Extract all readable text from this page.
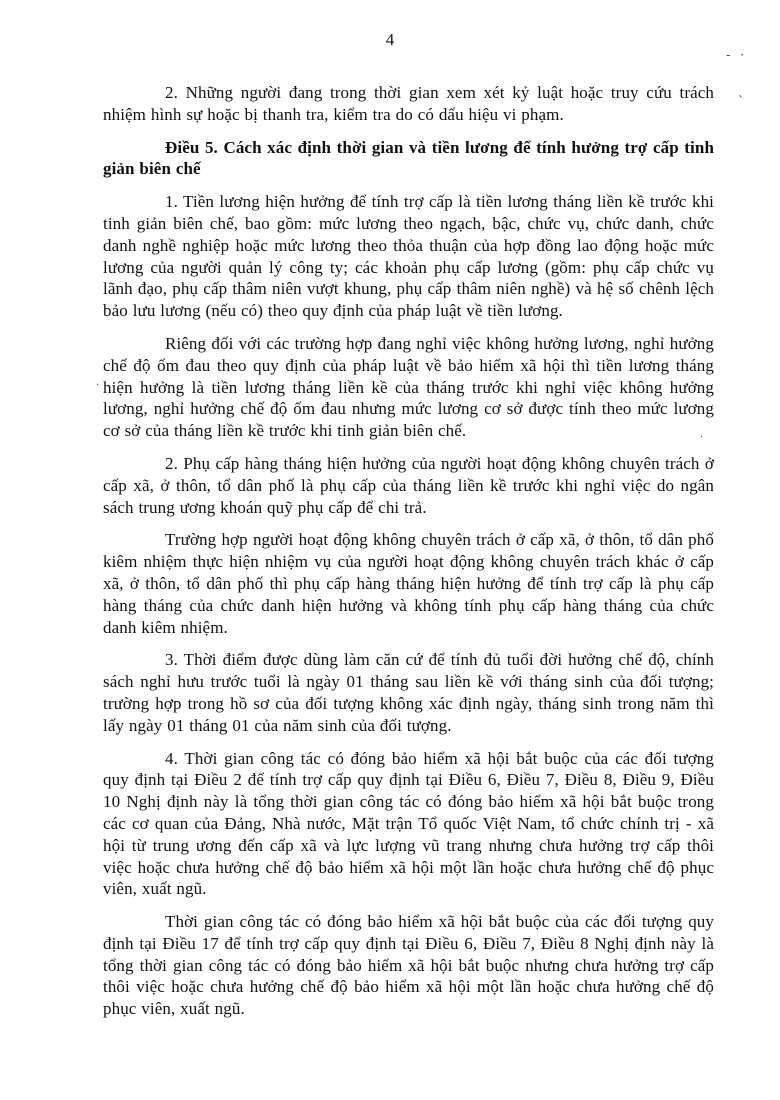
4
- ·
`
·
·

2. Những người đang trong thời gian xem xét kỷ luật hoặc truy cứu trách nhiệm hình sự hoặc bị thanh tra, kiểm tra do có dấu hiệu vi phạm.

Điều 5. Cách xác định thời gian và tiền lương để tính hưởng trợ cấp tinh giản biên chế

1. Tiền lương hiện hưởng để tính trợ cấp là tiền lương tháng liền kề trước khi tinh giản biên chế, bao gồm: mức lương theo ngạch, bậc, chức vụ, chức danh, chức danh nghề nghiệp hoặc mức lương theo thỏa thuận của hợp đồng lao động hoặc mức lương của người quản lý công ty; các khoản phụ cấp lương (gồm: phụ cấp chức vụ lãnh đạo, phụ cấp thâm niên vượt khung, phụ cấp thâm niên nghề) và hệ số chênh lệch bảo lưu lương (nếu có) theo quy định của pháp luật về tiền lương.

Riêng đối với các trường hợp đang nghỉ việc không hưởng lương, nghỉ hưởng chế độ ốm đau theo quy định của pháp luật về bảo hiểm xã hội thì tiền lương tháng hiện hưởng là tiền lương tháng liền kề của tháng trước khi nghỉ việc không hưởng lương, nghỉ hưởng chế độ ốm đau nhưng mức lương cơ sở được tính theo mức lương cơ sở của tháng liền kề trước khi tinh giản biên chế.

2. Phụ cấp hàng tháng hiện hưởng của người hoạt động không chuyên trách ở cấp xã, ở thôn, tổ dân phố là phụ cấp của tháng liền kề trước khi nghỉ việc do ngân sách trung ương khoán quỹ phụ cấp để chi trả.

Trường hợp người hoạt động không chuyên trách ở cấp xã, ở thôn, tổ dân phố kiêm nhiệm thực hiện nhiệm vụ của người hoạt động không chuyên trách khác ở cấp xã, ở thôn, tổ dân phố thì phụ cấp hàng tháng hiện hưởng để tính trợ cấp là phụ cấp hàng tháng của chức danh hiện hưởng và không tính phụ cấp hàng tháng của chức danh kiêm nhiệm.

3. Thời điểm được dùng làm căn cứ để tính đủ tuổi đời hưởng chế độ, chính sách nghỉ hưu trước tuổi là ngày 01 tháng sau liền kề với tháng sinh của đối tượng; trường hợp trong hồ sơ của đối tượng không xác định ngày, tháng sinh trong năm thì lấy ngày 01 tháng 01 của năm sinh của đối tượng.

4. Thời gian công tác có đóng bảo hiểm xã hội bắt buộc của các đối tượng quy định tại Điều 2 để tính trợ cấp quy định tại Điều 6, Điều 7, Điều 8, Điều 9, Điều 10 Nghị định này là tổng thời gian công tác có đóng bảo hiểm xã hội bắt buộc trong các cơ quan của Đảng, Nhà nước, Mặt trận Tổ quốc Việt Nam, tổ chức chính trị - xã hội từ trung ương đến cấp xã và lực lượng vũ trang nhưng chưa hưởng trợ cấp thôi việc hoặc chưa hưởng chế độ bảo hiểm xã hội một lần hoặc chưa hưởng chế độ phục viên, xuất ngũ.

Thời gian công tác có đóng bảo hiểm xã hội bắt buộc của các đối tượng quy định tại Điều 17 để tính trợ cấp quy định tại Điều 6, Điều 7, Điều 8 Nghị định này là tổng thời gian công tác có đóng bảo hiểm xã hội bắt buộc nhưng chưa hưởng trợ cấp thôi việc hoặc chưa hưởng chế độ bảo hiểm xã hội một lần hoặc chưa hưởng chế độ phục viên, xuất ngũ.
